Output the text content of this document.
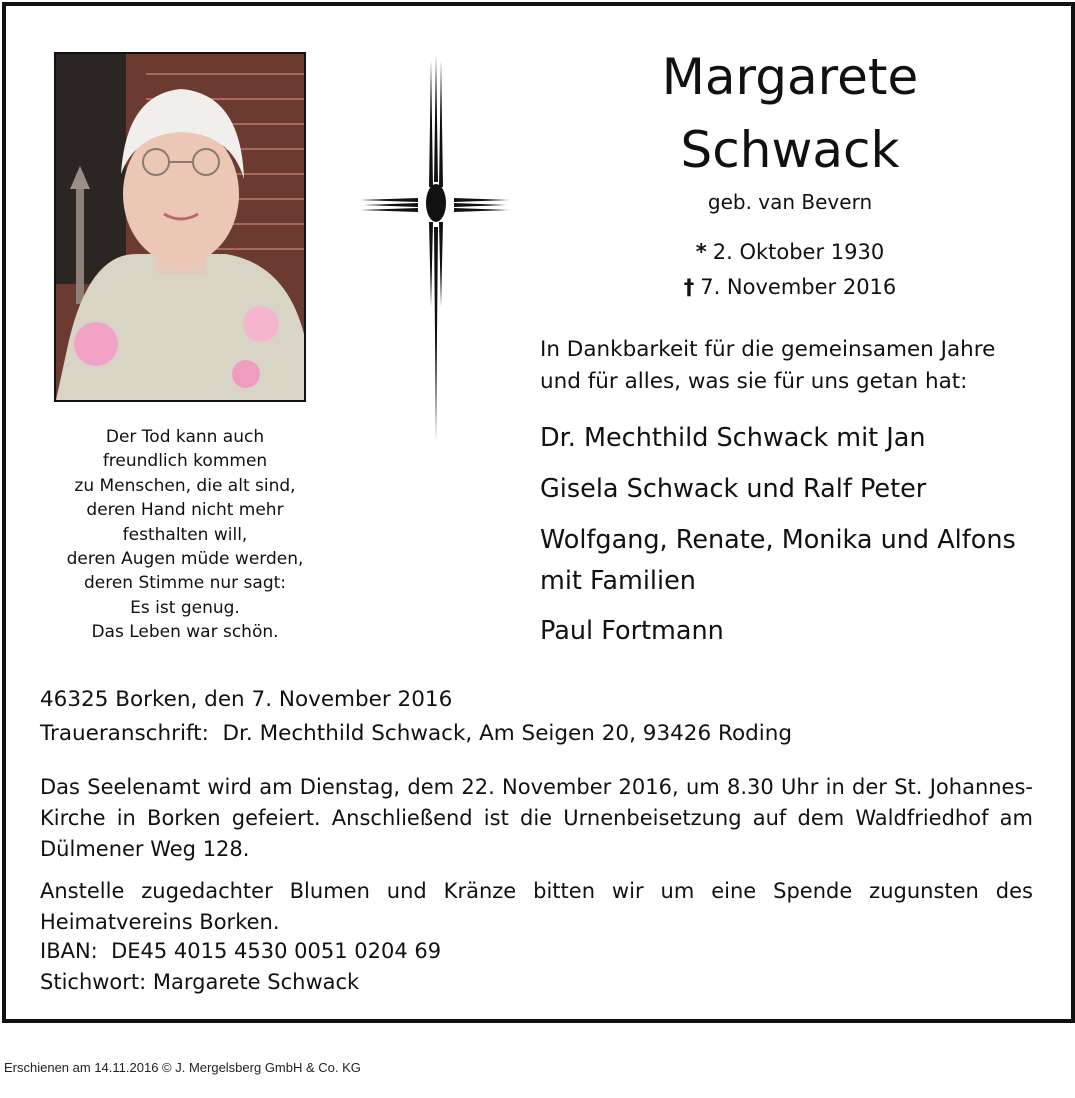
Der Tod kann auch
freundlich kommen
zu Menschen, die alt sind,
deren Hand nicht mehr
festhalten will,
deren Augen müde werden,
deren Stimme nur sagt:
Es ist genug.
Das Leben war schön.
Margarete
Schwack
geb. van Bevern
* 2. Oktober 1930
† 7. November 2016
In Dankbarkeit für die gemeinsamen Jahre
und für alles, was sie für uns getan hat:
Dr. Mechthild Schwack mit Jan
Gisela Schwack und Ralf Peter
Wolfgang, Renate, Monika und Alfons
mit Familien
Paul Fortmann
46325 Borken, den 7. November 2016
Traueranschrift:  Dr. Mechthild Schwack, Am Seigen 20, 93426 Roding
Das Seelenamt wird am Dienstag, dem 22. November 2016, um 8.30 Uhr in der St. Johannes-Kirche in Borken gefeiert. Anschließend ist die Urnenbeisetzung auf dem Waldfriedhof am Dülmener Weg 128.
Anstelle zugedachter Blumen und Kränze bitten wir um eine Spende zugunsten des Heimatvereins Borken.
IBAN:  DE45 4015 4530 0051 0204 69
Stichwort: Margarete Schwack
Erschienen am 14.11.2016 © J. Mergelsberg GmbH & Co. KG
